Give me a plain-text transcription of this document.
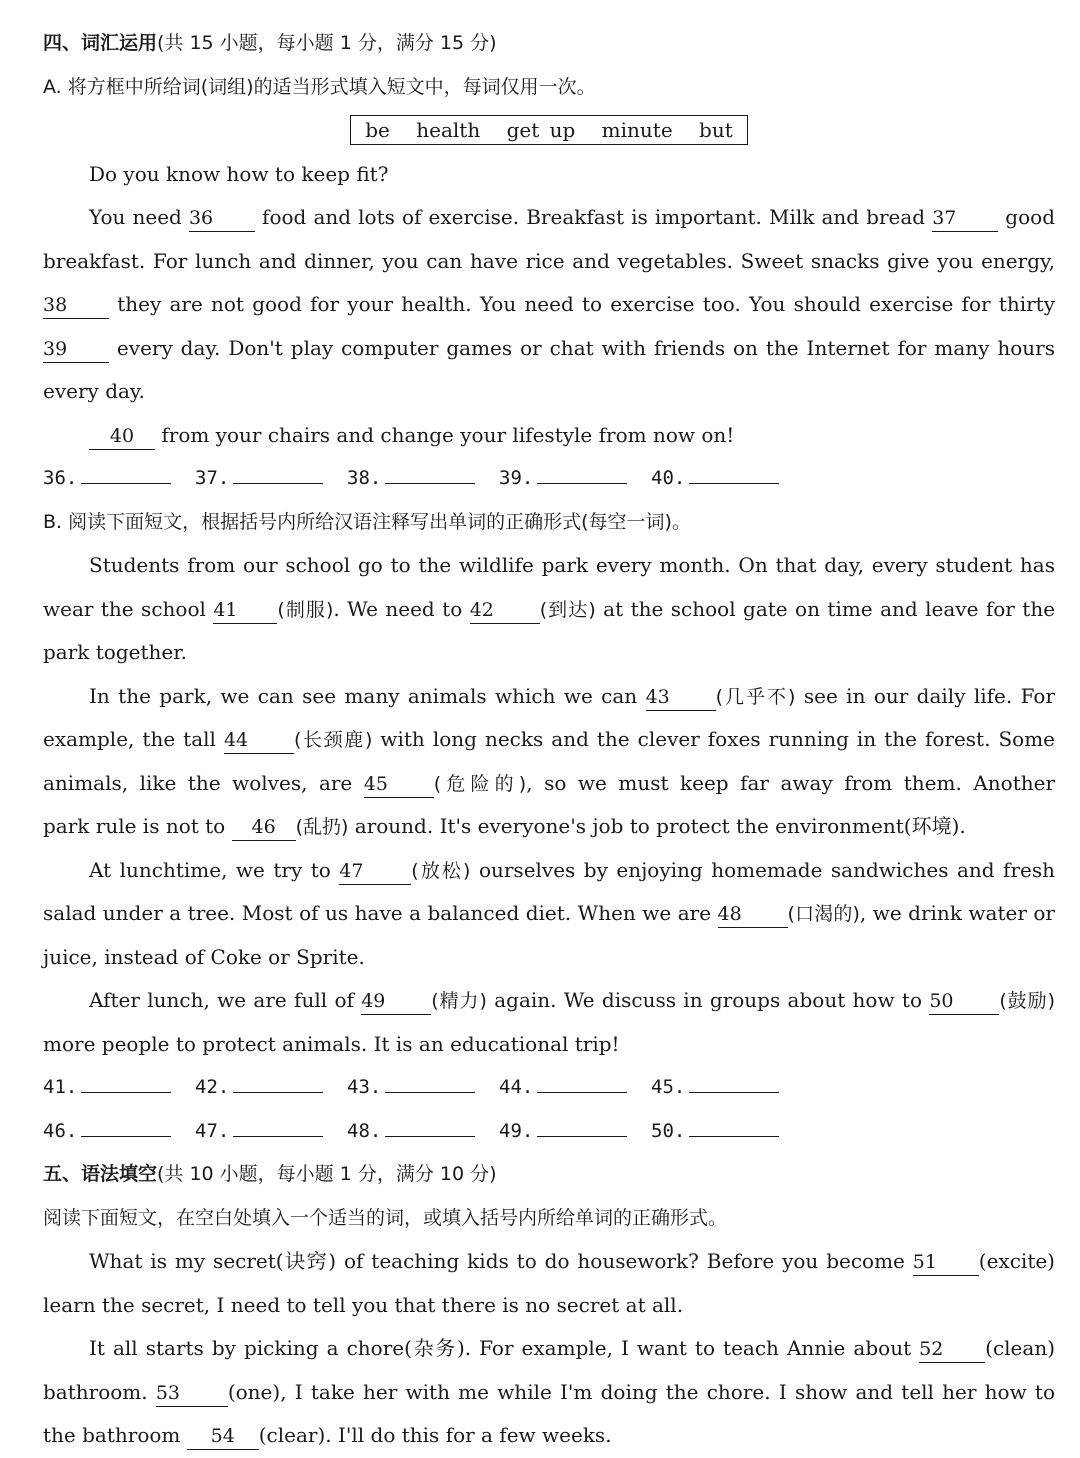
四、词汇运用(共 15 小题，每小题 1 分，满分 15 分)
A. 将方框中所给词(词组)的适当形式填入短文中，每词仅用一次。
be health get up minute but
Do you know how to keep fit?
You need 36 food and lots of exercise. Breakfast is important. Milk and bread 37 good
breakfast. For lunch and dinner, you can have rice and vegetables. Sweet snacks give you energy,
38 they are not good for your health. You need to exercise too. You should exercise for thirty
39 every day. Don't play computer games or chat with friends on the Internet for many hours
every day.
40 from your chairs and change your lifestyle from now on!
36.	37.	38.	39.	40.
B. 阅读下面短文，根据括号内所给汉语注释写出单词的正确形式(每空一词)。
Students from our school go to the wildlife park every month. On that day, every student has
wear the school 41 (制服). We need to 42 (到达) at the school gate on time and leave for the
park together.
In the park, we can see many animals which we can 43 (几乎不) see in our daily life. For
example, the tall 44 (长颈鹿) with long necks and the clever foxes running in the forest. Some
animals, like the wolves, are 45 (危险的), so we must keep far away from them. Another
park rule is not to 46 (乱扔) around. It's everyone's job to protect the environment(环境).
At lunchtime, we try to 47	(放松) ourselves by enjoying homemade sandwiches and fresh
salad under a tree. Most of us have a balanced diet. When we are 48 (口渴的), we drink water or
juice, instead of Coke or Sprite.
After lunch, we are full of 49 (精力) again. We discuss in groups about how to 50 (鼓励)
more people to protect animals. It is an educational trip!
41.	42.	43.	44.	45.
46.	47.	48.	49.	50.
五、语法填空(共 10 小题，每小题 1 分，满分 10 分)
阅读下面短文，在空白处填入一个适当的词，或填入括号内所给单词的正确形式。
What is my secret(诀窍) of teaching kids to do housework? Before you become 51 (excite)
learn the secret, I need to tell you that there is no secret at all.
It all starts by picking a chore(杂务). For example, I want to teach Annie about 52 (clean)
bathroom. 53 (one), I take her with me while I'm doing the chore. I show and tell her how to
the bathroom 54 (clear). I'll do this for a few weeks.
